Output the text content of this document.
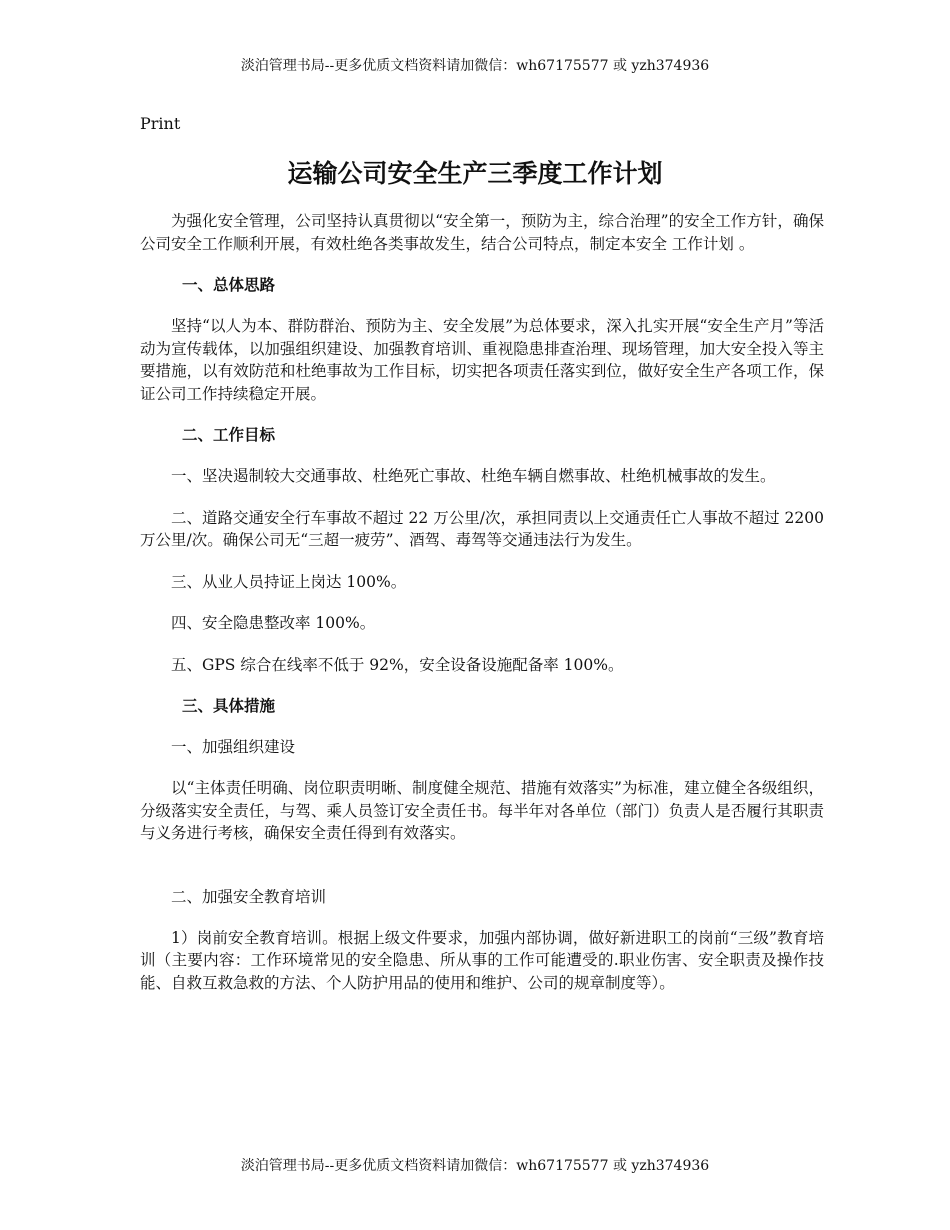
淡泊管理书局--更多优质文档资料请加微信：wh67175577 或 yzh374936
Print
运输公司安全生产三季度工作计划

为强化安全管理，公司坚持认真贯彻以“安全第一，预防为主，综合治理”的安全工作方针，确保公司安全工作顺利开展，有效杜绝各类事故发生，结合公司特点，制定本安全 工作计划 。

一、总体思路

坚持“以人为本、群防群治、预防为主、安全发展”为总体要求，深入扎实开展“安全生产月”等活动为宣传载体，以加强组织建设、加强教育培训、重视隐患排查治理、现场管理，加大安全投入等主要措施，以有效防范和杜绝事故为工作目标，切实把各项责任落实到位，做好安全生产各项工作，保证公司工作持续稳定开展。

二、工作目标

一、坚决遏制较大交通事故、杜绝死亡事故、杜绝车辆自燃事故、杜绝机械事故的发生。

二、道路交通安全行车事故不超过 22 万公里/次，承担同责以上交通责任亡人事故不超过 2200 万公里/次。确保公司无“三超一疲劳”、酒驾、毒驾等交通违法行为发生。

三、从业人员持证上岗达 100%。

四、安全隐患整改率 100%。

五、GPS 综合在线率不低于 92%，安全设备设施配备率 100%。

三、具体措施
一、加强组织建设

以“主体责任明确、岗位职责明晰、制度健全规范、措施有效落实”为标准，建立健全各级组织，分级落实安全责任，与驾、乘人员签订安全责任书。每半年对各单位（部门）负责人是否履行其职责与义务进行考核，确保安全责任得到有效落实。

二、加强安全教育培训

1）岗前安全教育培训。根据上级文件要求，加强内部协调，做好新进职工的岗前“三级”教育培训（主要内容：工作环境常见的安全隐患、所从事的工作可能遭受的.职业伤害、安全职责及操作技能、自救互救急救的方法、个人防护用品的使用和维护、公司的规章制度等）。

淡泊管理书局--更多优质文档资料请加微信：wh67175577 或 yzh374936
